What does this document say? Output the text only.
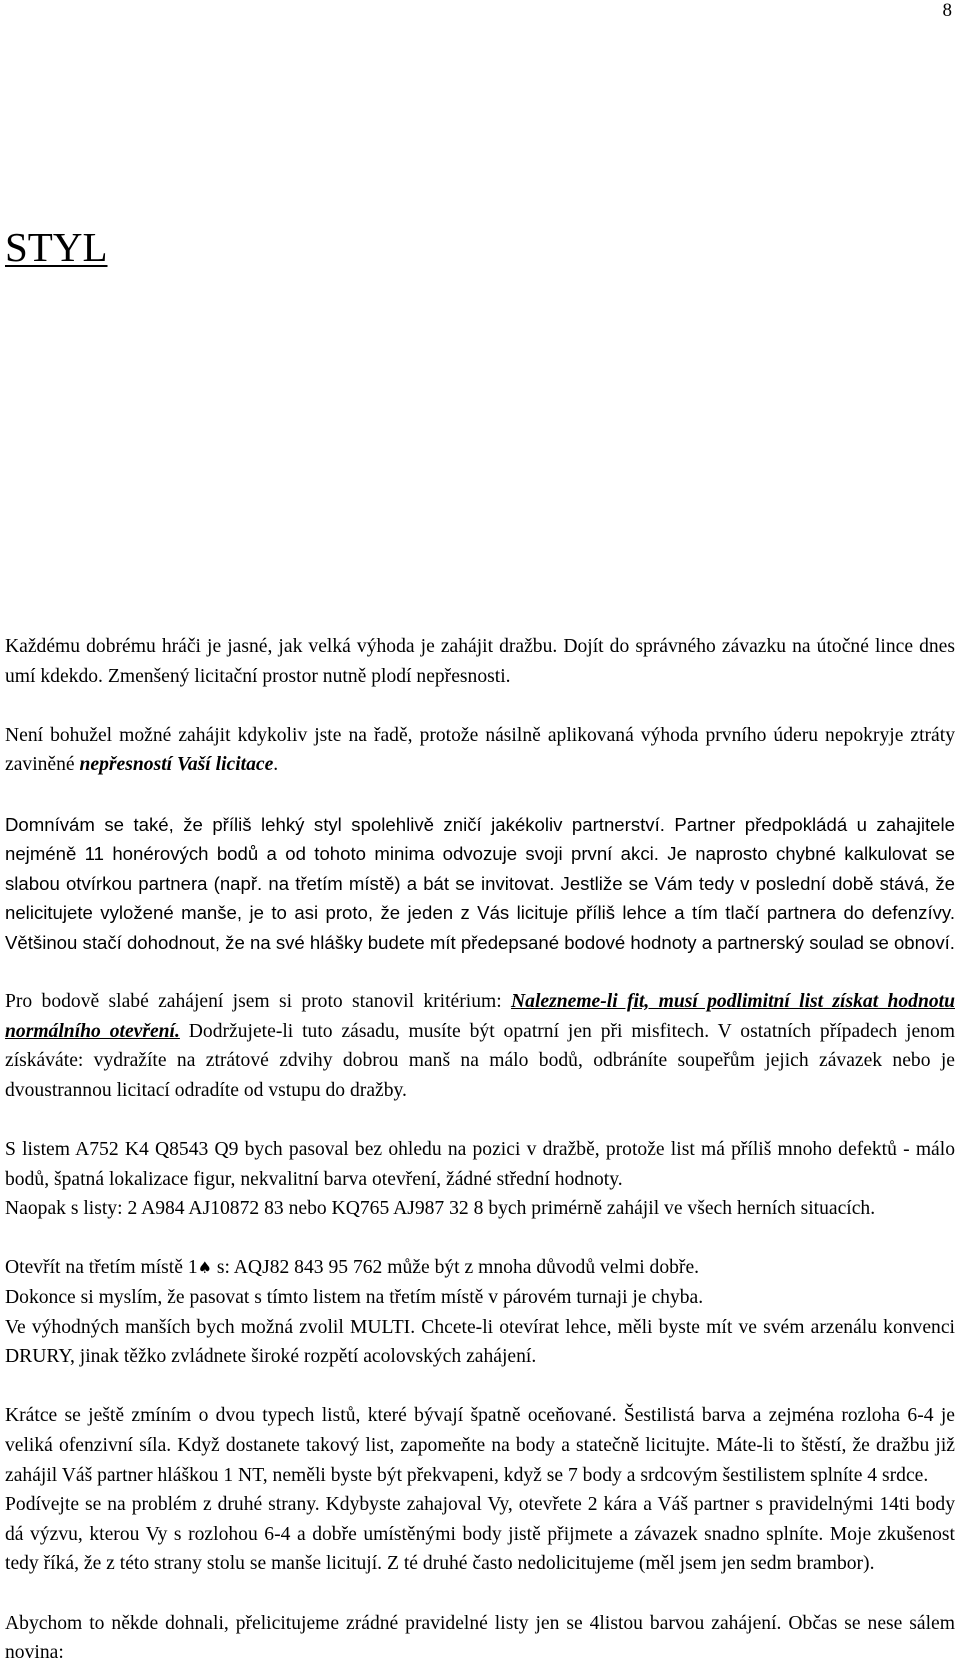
8
STYL

Každému dobrému hráči je jasné, jak velká výhoda je zahájit dražbu. Dojít do správného závazku na útočné lince dnes umí kdekdo. Zmenšený licitační prostor nutně plodí nepřesnosti.

Není bohužel možné zahájit kdykoliv jste na řadě, protože násilně aplikovaná výhoda prvního úderu nepokryje ztráty zaviněné nepřesností Vaší licitace.

Domnívám se také, že příliš lehký styl spolehlivě zničí jakékoliv partnerství. Partner předpokládá u zahajitele nejméně 11 honérových bodů a od tohoto minima odvozuje svoji první akci. Je naprosto chybné kalkulovat se slabou otvírkou partnera (např. na třetím místě) a bát se invitovat. Jestliže se Vám tedy v poslední době stává, že nelicitujete vyložené manše, je to asi proto, že jeden z Vás licituje příliš lehce a tím tlačí partnera do defenzívy. Většinou stačí dohodnout, že na své hlášky budete mít předepsané bodové hodnoty a partnerský soulad se obnoví.

Pro bodově slabé zahájení jsem si proto stanovil kritérium: Nalezneme-li fit, musí podlimitní list získat hodnotu normálního otevření. Dodržujete-li tuto zásadu, musíte být opatrní jen při misfitech. V ostatních případech jenom získáváte: vydražíte na ztrátové zdvihy dobrou manš na málo bodů, odbráníte soupeřům jejich závazek nebo je dvoustrannou licitací odradíte od vstupu do dražby.

S listem A752 K4 Q8543 Q9 bych pasoval bez ohledu na pozici v dražbě, protože list má příliš mnoho defektů - málo bodů, špatná lokalizace figur, nekvalitní barva otevření, žádné střední hodnoty.

Naopak s listy: 2 A984 AJ10872 83 nebo KQ765 AJ987 32 8 bych primérně zahájil ve všech herních situacích.

Otevřít na třetím místě 1♠ s: AQJ82 843 95 762 může být z mnoha důvodů velmi dobře.

Dokonce si myslím, že pasovat s tímto listem na třetím místě v párovém turnaji je chyba.

Ve výhodných manších bych možná zvolil MULTI. Chcete-li otevírat lehce, měli byste mít ve svém arzenálu konvenci DRURY, jinak těžko zvládnete široké rozpětí acolovských zahájení.

Krátce se ještě zmíním o dvou typech listů, které bývají špatně oceňované. Šestilistá barva a zejména rozloha 6-4 je veliká ofenzivní síla. Když dostanete takový list, zapomeňte na body a statečně licitujte. Máte-li to štěstí, že dražbu již zahájil Váš partner hláškou 1 NT, neměli byste být překvapeni, když se 7 body a srdcovým šestilistem splníte 4 srdce.

Podívejte se na problém z druhé strany. Kdybyste zahajoval Vy, otevřete 2 kára a Váš partner s pravidelnými 14ti body dá výzvu, kterou Vy s rozlohou 6-4 a dobře umístěnými body jistě přijmete a závazek snadno splníte. Moje zkušenost tedy říká, že z této strany stolu se manše licitují. Z té druhé často nedolicitujeme (měl jsem jen sedm brambor).

Abychom to někde dohnali, přelicitujeme zrádné pravidelné listy jen se 4listou barvou zahájení. Občas se nese sálem novina:
